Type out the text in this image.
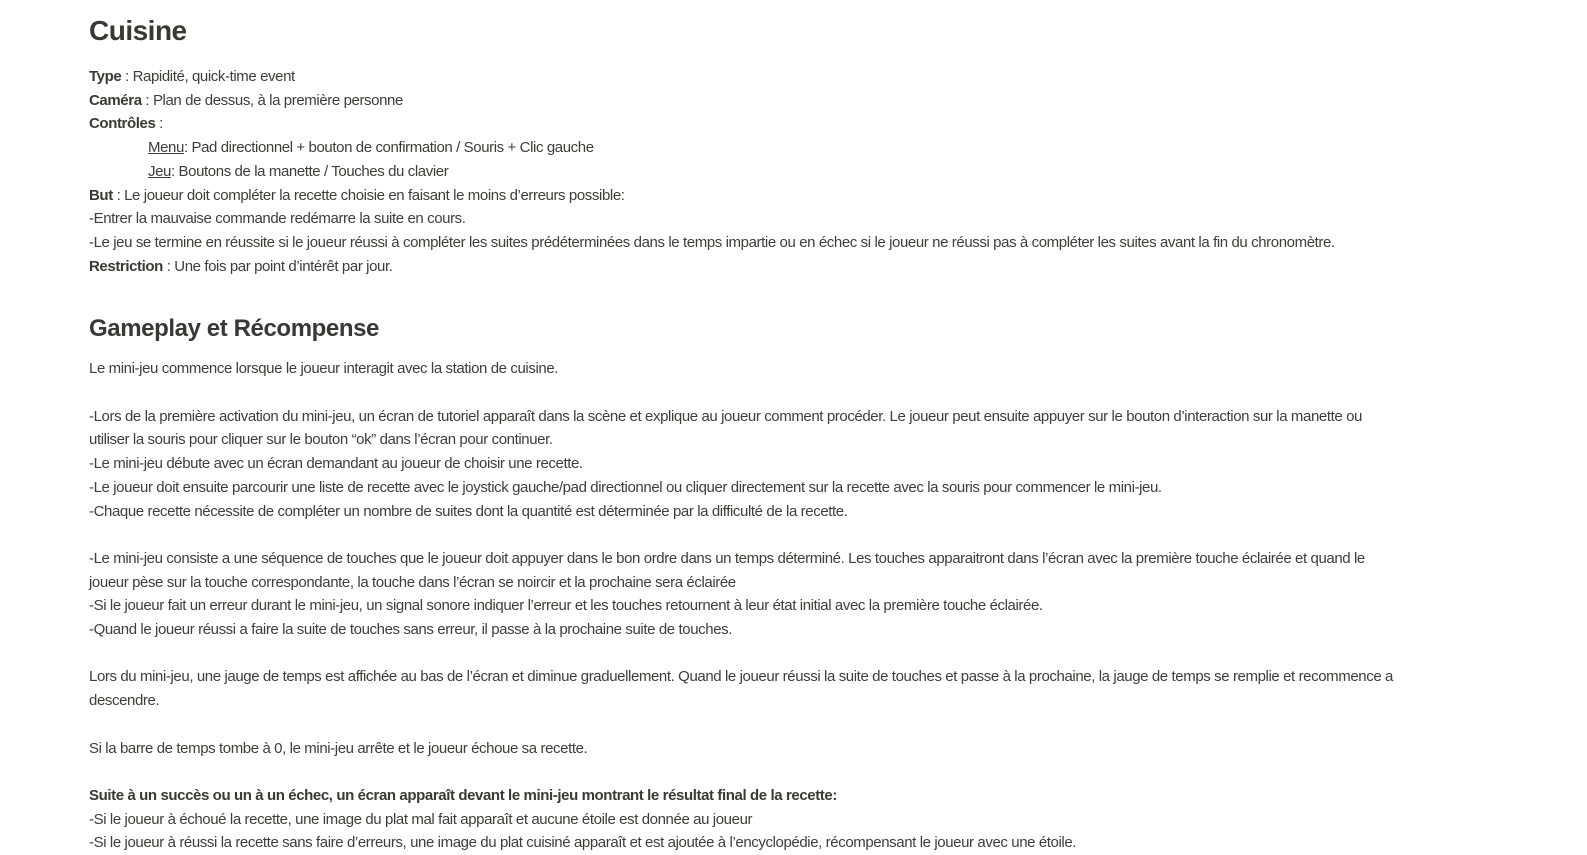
Cuisine
Type : Rapidité, quick-time event
Caméra : Plan de dessus, à la première personne
Contrôles :
Menu: Pad directionnel + bouton de confirmation / Souris + Clic gauche
Jeu: Boutons de la manette / Touches du clavier
But : Le joueur doit compléter la recette choisie en faisant le moins d’erreurs possible:
-Entrer la mauvaise commande redémarre la suite en cours.
-Le jeu se termine en réussite si le joueur réussi à compléter les suites prédéterminées dans le temps impartie ou en échec si le joueur ne réussi pas à compléter les suites avant la fin du chronomètre.
Restriction : Une fois par point d’intérêt par jour.
Gameplay et Récompense
Le mini-jeu commence lorsque le joueur interagit avec la station de cuisine.
-Lors de la première activation du mini-jeu, un écran de tutoriel apparaît dans la scène et explique au joueur comment procéder. Le joueur peut ensuite appuyer sur le bouton d’interaction sur la manette ou
utiliser la souris pour cliquer sur le bouton “ok” dans l’écran pour continuer.
-Le mini-jeu débute avec un écran demandant au joueur de choisir une recette.
-Le joueur doit ensuite parcourir une liste de recette avec le joystick gauche/pad directionnel ou cliquer directement sur la recette avec la souris pour commencer le mini-jeu.
-Chaque recette nécessite de compléter un nombre de suites dont la quantité est déterminée par la difficulté de la recette.
-Le mini-jeu consiste a une séquence de touches que le joueur doit appuyer dans le bon ordre dans un temps déterminé. Les touches apparaitront dans l’écran avec la première touche éclairée et quand le
joueur pèse sur la touche correspondante, la touche dans l’écran se noircir et la prochaine sera éclairée
-Si le joueur fait un erreur durant le mini-jeu, un signal sonore indiquer l’erreur et les touches retournent à leur état initial avec la première touche éclairée.
-Quand le joueur réussi a faire la suite de touches sans erreur, il passe à la prochaine suite de touches.
Lors du mini-jeu, une jauge de temps est affichée au bas de l’écran et diminue graduellement. Quand le joueur réussi la suite de touches et passe à la prochaine, la jauge de temps se remplie et recommence a
descendre.
Si la barre de temps tombe à 0, le mini-jeu arrête et le joueur échoue sa recette.
Suite à un succès ou un à un échec, un écran apparaît devant le mini-jeu montrant le résultat final de la recette:
-Si le joueur à échoué la recette, une image du plat mal fait apparaît et aucune étoile est donnée au joueur
-Si le joueur à réussi la recette sans faire d’erreurs, une image du plat cuisiné apparaît et est ajoutée à l’encyclopédie, récompensant le joueur avec une étoile.
